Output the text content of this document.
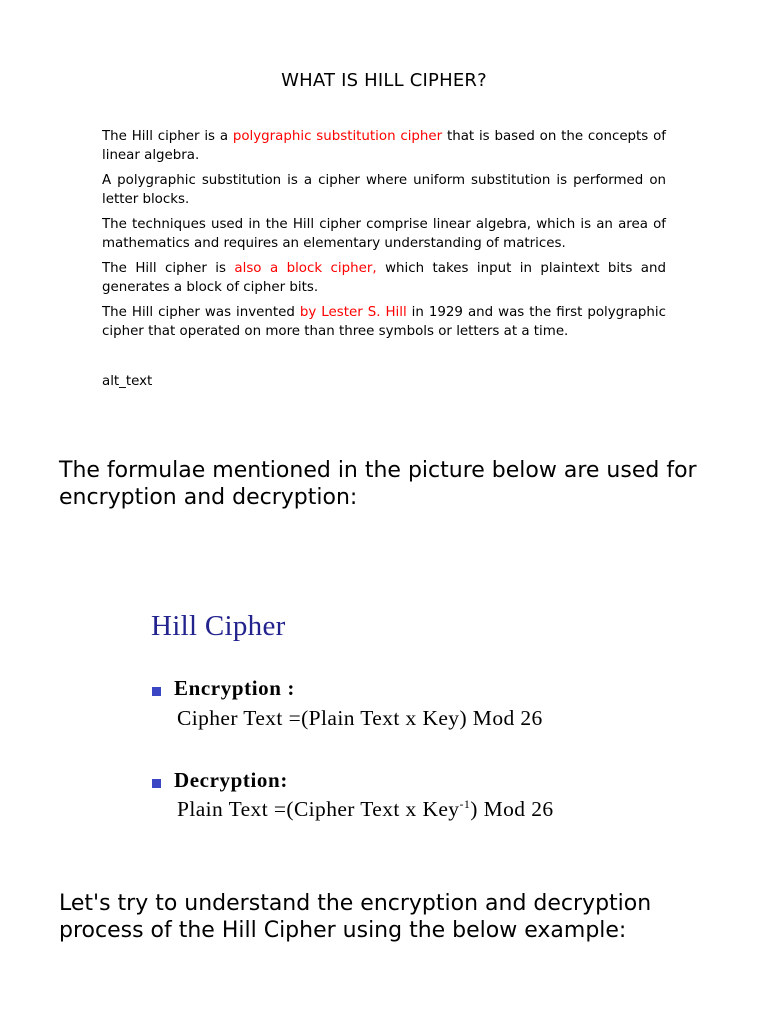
WHAT IS HILL CIPHER?

The Hill cipher is a polygraphic substitution cipher that is based on the concepts of linear algebra.

A polygraphic substitution is a cipher where uniform substitution is performed on letter blocks.

The techniques used in the Hill cipher comprise linear algebra, which is an area of mathematics and requires an elementary understanding of matrices.

The Hill cipher is also a block cipher, which takes input in plaintext bits and generates a block of cipher bits.

The Hill cipher was invented by Lester S. Hill in 1929 and was the first polygraphic cipher that operated on more than three symbols or letters at a time.

alt_text

The formulae mentioned in the picture below are used for encryption and decryption:

Hill Cipher
Encryption :
Cipher Text =(Plain Text x Key) Mod 26
Decryption:
Plain Text =(Cipher Text x Key$^{-1}$) Mod 26

Let's try to understand the encryption and decryption process of the Hill Cipher using the below example:
